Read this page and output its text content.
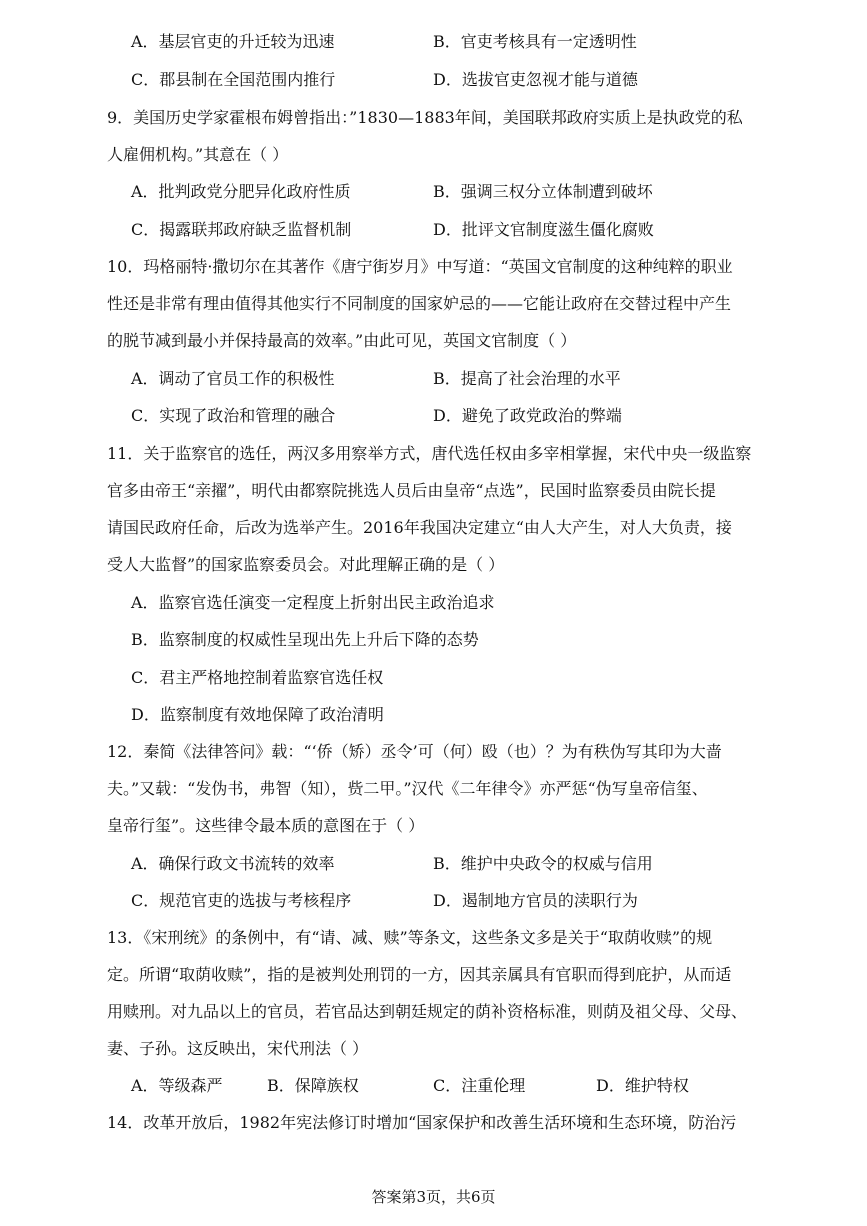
A．基层官吏的升迁较为迅速	B．官吏考核具有一定透明性
C．郡县制在全国范围内推行	D．选拔官吏忽视才能与道德
9．美国历史学家霍根布姆曾指出：”1830—1883年间，美国联邦政府实质上是执政党的私
人雇佣机构。”其意在（ ）
A．批判政党分肥异化政府性质	B．强调三权分立体制遭到破坏
C．揭露联邦政府缺乏监督机制	D．批评文官制度滋生僵化腐败
10．玛格丽特·撒切尔在其著作《唐宁街岁月》中写道：“英国文官制度的这种纯粹的职业
性还是非常有理由值得其他实行不同制度的国家妒忌的——它能让政府在交替过程中产生
的脱节减到最小并保持最高的效率。”由此可见，英国文官制度（ ）
A．调动了官员工作的积极性	B．提高了社会治理的水平
C．实现了政治和管理的融合	D．避免了政党政治的弊端
11．关于监察官的选任，两汉多用察举方式，唐代选任权由多宰相掌握，宋代中央一级监察
官多由帝王“亲擢”，明代由都察院挑选人员后由皇帝“点选”，民国时监察委员由院长提
请国民政府任命，后改为选举产生。2016年我国决定建立“由人大产生，对人大负责，接
受人大监督”的国家监察委员会。对此理解正确的是（ ）
A．监察官选任演变一定程度上折射出民主政治追求
B．监察制度的权威性呈现出先上升后下降的态势
C．君主严格地控制着监察官选任权
D．监察制度有效地保障了政治清明
12．秦简《法律答问》载：“‘侨（矫）丞令’可（何）殴（也）？为有秩伪写其印为大啬
夫。”又载：“发伪书，弗智（知），赀二甲。”汉代《二年律令》亦严惩“伪写皇帝信玺、
皇帝行玺”。这些律令最本质的意图在于（ ）
A．确保行政文书流转的效率	B．维护中央政令的权威与信用
C．规范官吏的选拔与考核程序	D．遏制地方官员的渎职行为
13．《宋刑统》的条例中，有“请、减、赎”等条文，这些条文多是关于“取荫收赎”的规
定。所谓“取荫收赎”，指的是被判处刑罚的一方，因其亲属具有官职而得到庇护，从而适
用赎刑。对九品以上的官员，若官品达到朝廷规定的荫补资格标准，则荫及祖父母、父母、
妻、子孙。这反映出，宋代刑法（ ）
A．等级森严	B．保障族权	C．注重伦理	D．维护特权
14．改革开放后，1982年宪法修订时增加“国家保护和改善生活环境和生态环境，防治污
答案第3页，共6页
